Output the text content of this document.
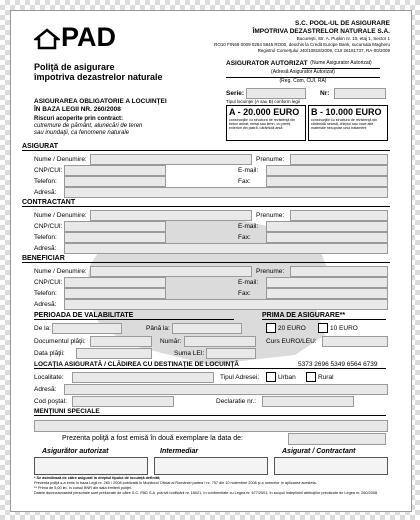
PAD	S.C. POOL-UL DE ASIGURARE
ÎMPOTRIVA DEZASTRELOR NATURALE S.A.
Bucureşti, Str. A. Pușkin nr. 10, etaj 1, Sector 1
RO10 FIN69 0009 0284 5845 RO00, deschis la Credit Europe Bank, sucursala Magheru
Registrul Comerţului J40/10818/2009, CUI 26181737, RA-00/2009
Poliţă de asigurare
împotriva dezastrelor naturale
ASIGURATOR AUTORIZAT (Nume Asigurator Autorizat)
(Adresă Asigurator Autorizat)
(Reg. Com, CUI, RA)
Serie:	Nr:
ASIGURAREA OBLIGATORIE A LOCUINŢEI
ÎN BAZA LEGII NR. 260/2008
Riscuri acoperite prin contract:
cutremure de pământ, alunecări de teren
sau inundaţii, ca fenomene naturale
Tipul locuinţei (A sau B) conform legii
A - 20.000 EURO
construcţiile cu structura de rezistenţă din beton armat, metal sau lemn, cu pereţi exteriori din piatră, cărămidă arsă
B - 10.000 EURO
construcţiile cu structura de rezistenţă din cărămidă nearsă, chirpici sau orice alte materiale nesupuse unui tratament
ASIGURAT
Nume / Denumire:	Prenume:
CNP/CUI:	E-mail:
Telefon:	Fax:
Adresă:
CONTRACTANT
Nume / Denumire:	Prenume:
CNP/CUI:	E-mail:
Telefon:	Fax:
Adresă:
BENEFICIAR
Nume / Denumire:	Prenume:
CNP/CUI:	E-mail:
Telefon:	Fax:
Adresă:
PERIOADA DE VALABILITATE	PRIMA DE ASIGURARE**
De la:	Până la:	20 EURO	10 EURO
Documentul plăţii:	Număr:	Curs EURO/LEU:
Data plăţii:	Suma LEI:
LOCAŢIA ASIGURATĂ / CLĂDIREA CU DESTINAŢIE DE LOCUINŢĂ	5373 2696 5349 6564 6739
Localitate:	Tipul Adresei:	Urban	Rural
Adresă:
Cod poştal:	Declaratie nr.:
MENŢIUNI SPECIALE
Prezenta poliţă a fost emisă în două exemplare la data de:
Asigurător autorizat	Intermediar	Asigurat / Contractant
* Se asimilează de către asigurat în dreptul tipului de locuinţă definită;
Prezenta poliţă s-a emis în baza Legii nr. 260 / 2008 publicată în Monitorul Oficial al României partea I nr. 757 din 10 noiembrie 2008 şi a normelor în aplicarea acesteia.
** Prima de 5,00 lei, în cursul BNR din data emiterii poliţei.
Datele dumneavoastră personale sunt prelucrate de către S.C. PAD S.A. potrivit notificării nr. 16021, în conformitate cu Legea nr. 677/2001, în scopul îndeplinirii atribuţiilor prevăzute de Legea nr. 260/2008.
